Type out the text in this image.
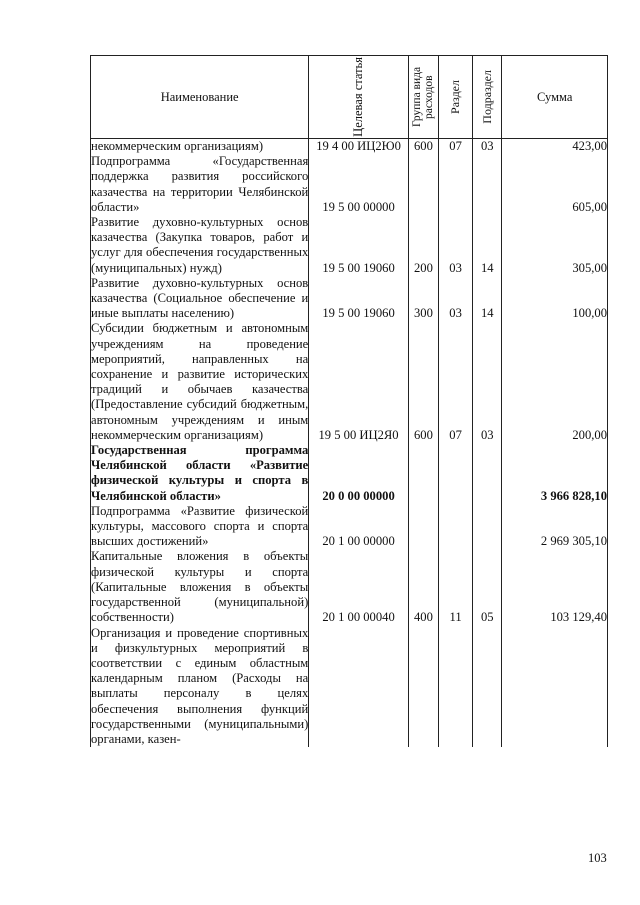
Наименование	Целевая статья	Группа вида расходов	Раздел	Подраздел	Сумма
некоммерческим организациям)	19 4 00 ИЦ2Ю0	600	07	03	423,00
Подпрограмма «Государственная поддержка развития российского казачества на территории Челябинской области»	19 5 00 00000				605,00
Развитие духовно-культурных основ казачества (Закупка товаров, работ и услуг для обеспечения государственных (муниципальных) нужд)	19 5 00 19060	200	03	14	305,00
Развитие духовно-культурных основ казачества (Социальное обеспечение и иные выплаты населению)	19 5 00 19060	300	03	14	100,00
Субсидии бюджетным и автономным учреждениям на проведение мероприятий, направленных на сохранение и развитие исторических традиций и обычаев казачества (Предоставление субсидий бюджетным, автономным учреждениям и иным некоммерческим организациям)	19 5 00 ИЦ2Я0	600	07	03	200,00
Государственная программа Челябинской области «Развитие физической культуры и спорта в Челябинской области»	20 0 00 00000				3 966 828,10
Подпрограмма «Развитие физической культуры, массового спорта и спорта высших достижений»	20 1 00 00000				2 969 305,10
Капитальные вложения в объекты физической культуры и спорта (Капитальные вложения в объекты государственной (муниципальной) собственности)	20 1 00 00040	400	11	05	103 129,40
Организация и проведение спортивных и физкультурных мероприятий в соответствии с единым областным календарным планом (Расходы на выплаты персоналу в целях обеспечения выполнения функций государственными (муниципальными) органами, казен-					
103
